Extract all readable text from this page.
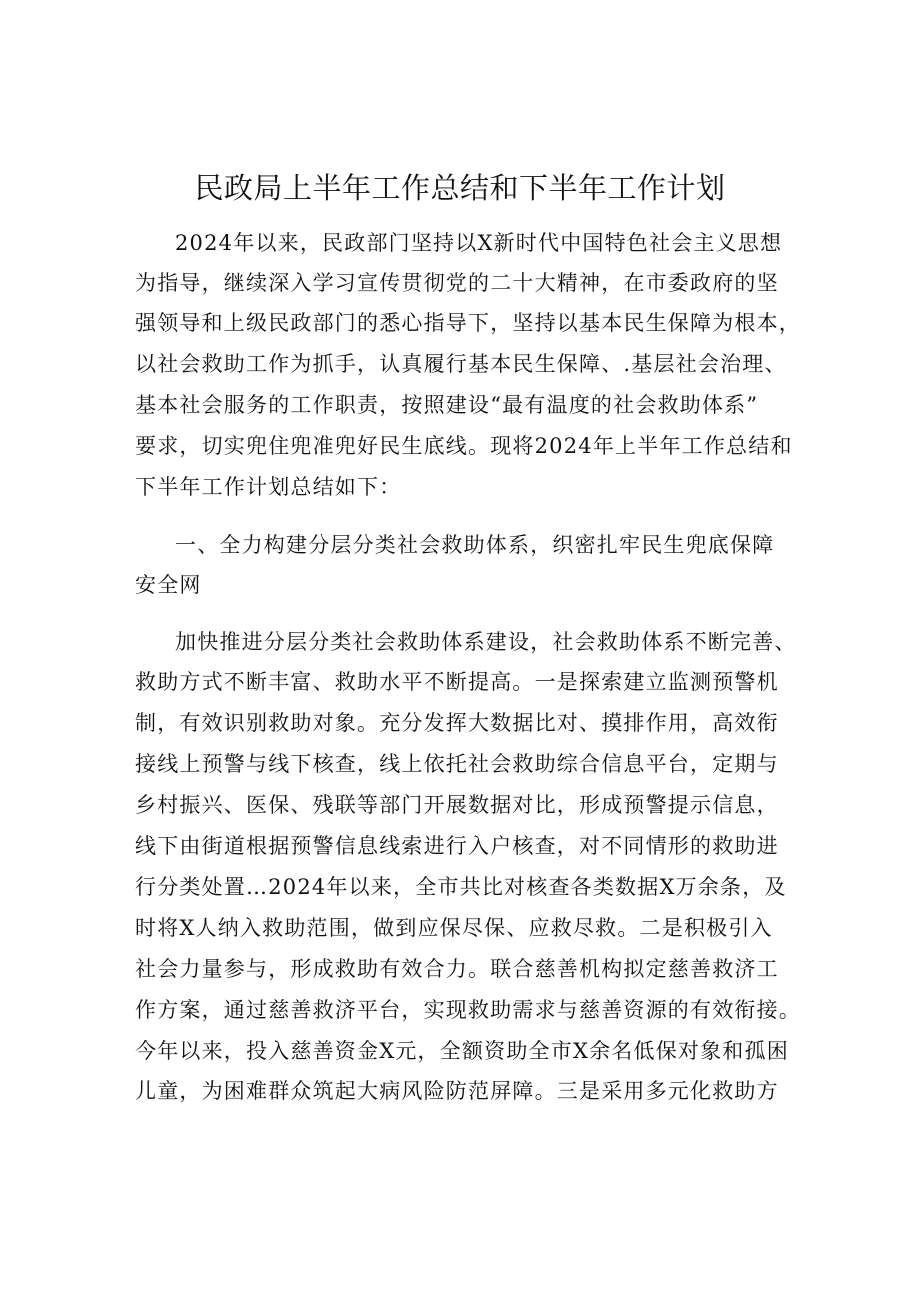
民政局上半年工作总结和下半年工作计划

2024年以来，民政部门坚持以X新时代中国特色社会主义思想

为指导，继续深入学习宣传贯彻党的二十大精神，在市委政府的坚

强领导和上级民政部门的悉心指导下，坚持以基本民生保障为根本，

以社会救助工作为抓手，认真履行基本民生保障、.基层社会治理、

基本社会服务的工作职责，按照建设“最有温度的社会救助体系”

要求，切实兜住兜准兜好民生底线。现将2024年上半年工作总结和

下半年工作计划总结如下：

一、全力构建分层分类社会救助体系，织密扎牢民生兜底保障

安全网

加快推进分层分类社会救助体系建设，社会救助体系不断完善、

救助方式不断丰富、救助水平不断提高。一是探索建立监测预警机

制，有效识别救助对象。充分发挥大数据比对、摸排作用，高效衔

接线上预警与线下核查，线上依托社会救助综合信息平台，定期与

乡村振兴、医保、残联等部门开展数据对比，形成预警提示信息，

线下由街道根据预警信息线索进行入户核查，对不同情形的救助进

行分类处置…2024年以来，全市共比对核查各类数据X万余条，及

时将X人纳入救助范围，做到应保尽保、应救尽救。二是积极引入

社会力量参与，形成救助有效合力。联合慈善机构拟定慈善救济工

作方案，通过慈善救济平台，实现救助需求与慈善资源的有效衔接。

今年以来，投入慈善资金X元，全额资助全市X余名低保对象和孤困

儿童，为困难群众筑起大病风险防范屏障。三是采用多元化救助方
